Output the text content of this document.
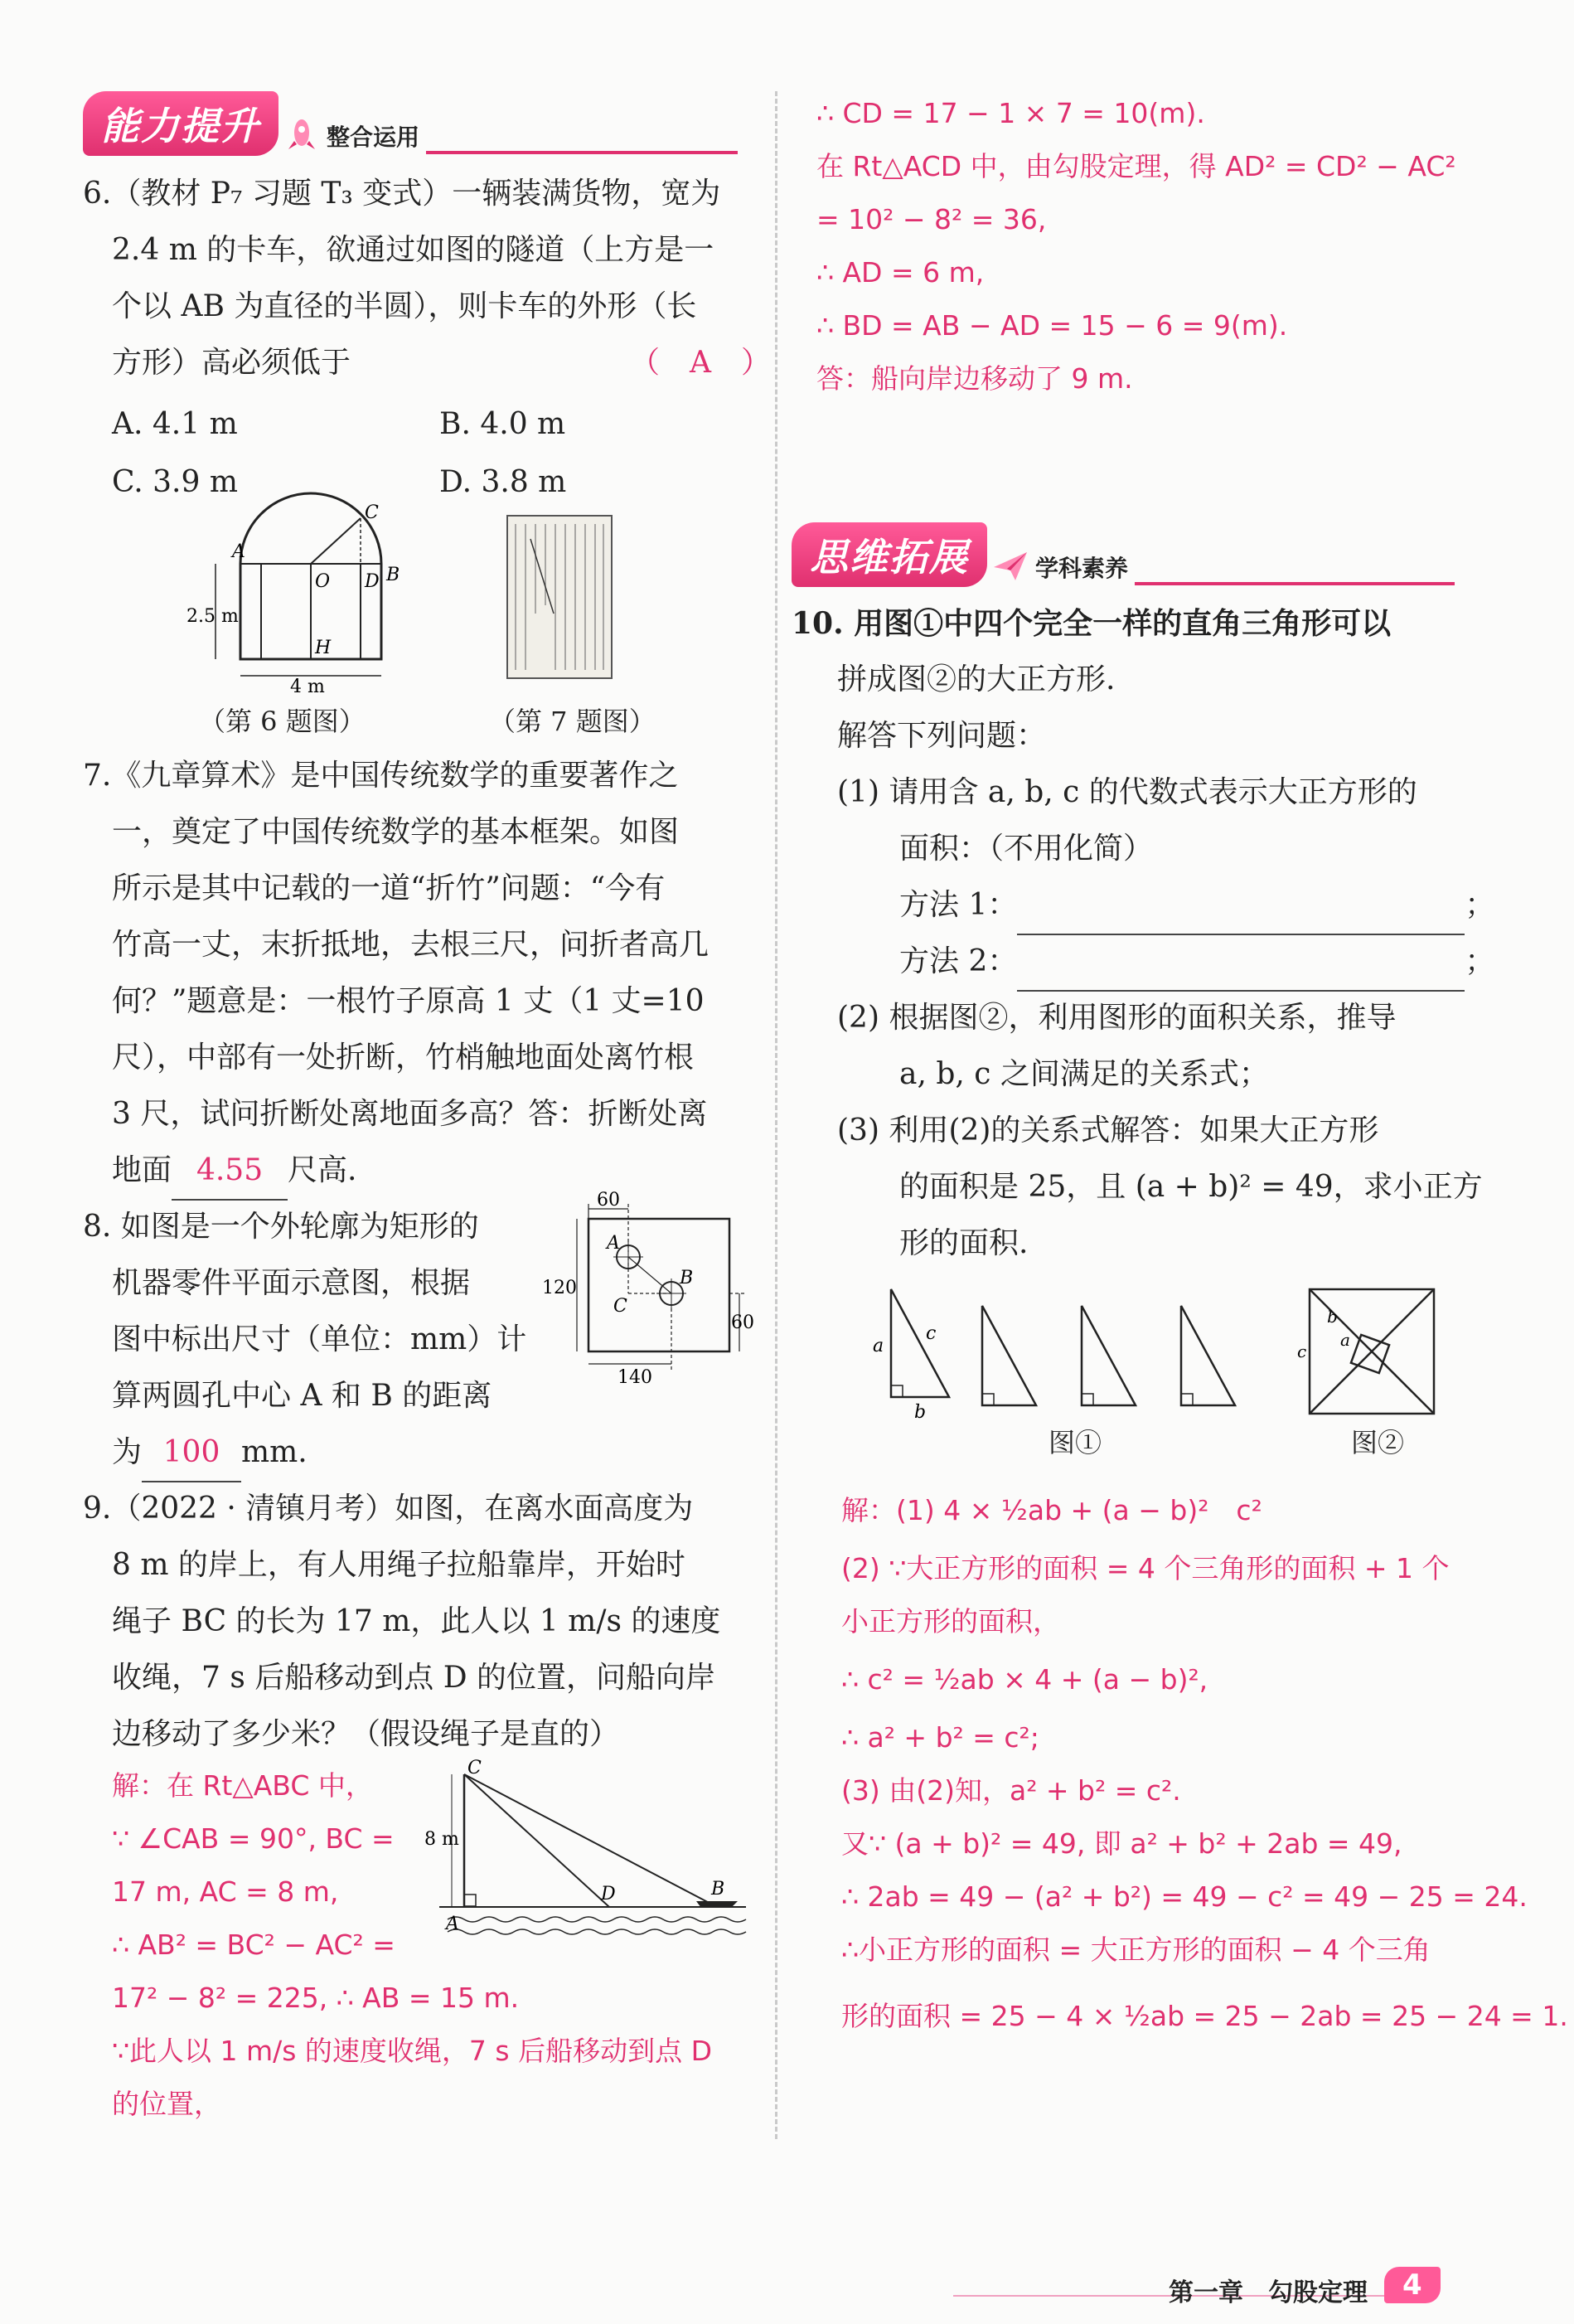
能力提升	整合运用
6.（教材 P₇ 习题 T₃ 变式）一辆装满货物，宽为
2.4 m 的卡车，欲通过如图的隧道（上方是一
个以 AB 为直径的半圆），则卡车的外形（长
方形）高必须低于	（　A　）
A. 4.1 m	B. 4.0 m
C. 3.9 m	D. 3.8 m
A
B
C
O D
H
2.5 m
4 m
（第 6 题图）	（第 7 题图）
7.《九章算术》是中国传统数学的重要著作之
一，奠定了中国传统数学的基本框架。如图
所示是其中记载的一道“折竹”问题：“今有
竹高一丈，末折抵地，去根三尺，问折者高几
何？”题意是：一根竹子原高 1 丈（1 丈=10
尺），中部有一处折断，竹梢触地面处离竹根
3 尺，试问折断处离地面多高？答：折断处离
地面 4.55 尺高.
8. 如图是一个外轮廓为矩形的
机器零件平面示意图，根据
图中标出尺寸（单位：mm）计
算两圆孔中心 A 和 B 的距离
为 100 mm.
60
120
60
140
A
B
C
9.（2022 · 清镇月考）如图，在离水面高度为
8 m 的岸上，有人用绳子拉船靠岸，开始时
绳子 BC 的长为 17 m，此人以 1 m/s 的速度
收绳，7 s 后船移动到点 D 的位置，问船向岸
边移动了多少米？（假设绳子是直的）
解：在 Rt△ABC 中，
∵ ∠CAB = 90°, BC =
17 m, AC = 8 m,
∴ AB² = BC² − AC² =
17² − 8² = 225, ∴ AB = 15 m.
∵此人以 1 m/s 的速度收绳，7 s 后船移动到点 D
的位置，
C
A
B
D
8 m
∴ CD = 17 − 1 × 7 = 10(m).
在 Rt△ACD 中，由勾股定理，得 AD² = CD² − AC²
= 10² − 8² = 36,
∴ AD = 6 m,
∴ BD = AB − AD = 15 − 6 = 9(m).
答：船向岸边移动了 9 m.
思维拓展	学科素养
10. 用图①中四个完全一样的直角三角形可以
拼成图②的大正方形.
解答下列问题：
(1) 请用含 a, b, c 的代数式表示大正方形的
面积：（不用化简）
方法 1：	；
方法 2：	；
(2) 根据图②，利用图形的面积关系，推导
a, b, c 之间满足的关系式；
(3) 利用(2)的关系式解答：如果大正方形
的面积是 25，且 (a + b)² = 49，求小正方
形的面积.
a
b
c
图①
b
a
c
图②
解：(1) 4 × ½ab + (a − b)²　c²
(2) ∵大正方形的面积 = 4 个三角形的面积 + 1 个
小正方形的面积，
∴ c² = ½ab × 4 + (a − b)²,
∴ a² + b² = c²;
(3) 由(2)知，a² + b² = c².
又∵ (a + b)² = 49, 即 a² + b² + 2ab = 49,
∴ 2ab = 49 − (a² + b²) = 49 − c² = 49 − 25 = 24.
∴小正方形的面积 = 大正方形的面积 − 4 个三角
形的面积 = 25 − 4 × ½ab = 25 − 2ab = 25 − 24 = 1.
第一章　勾股定理	4
